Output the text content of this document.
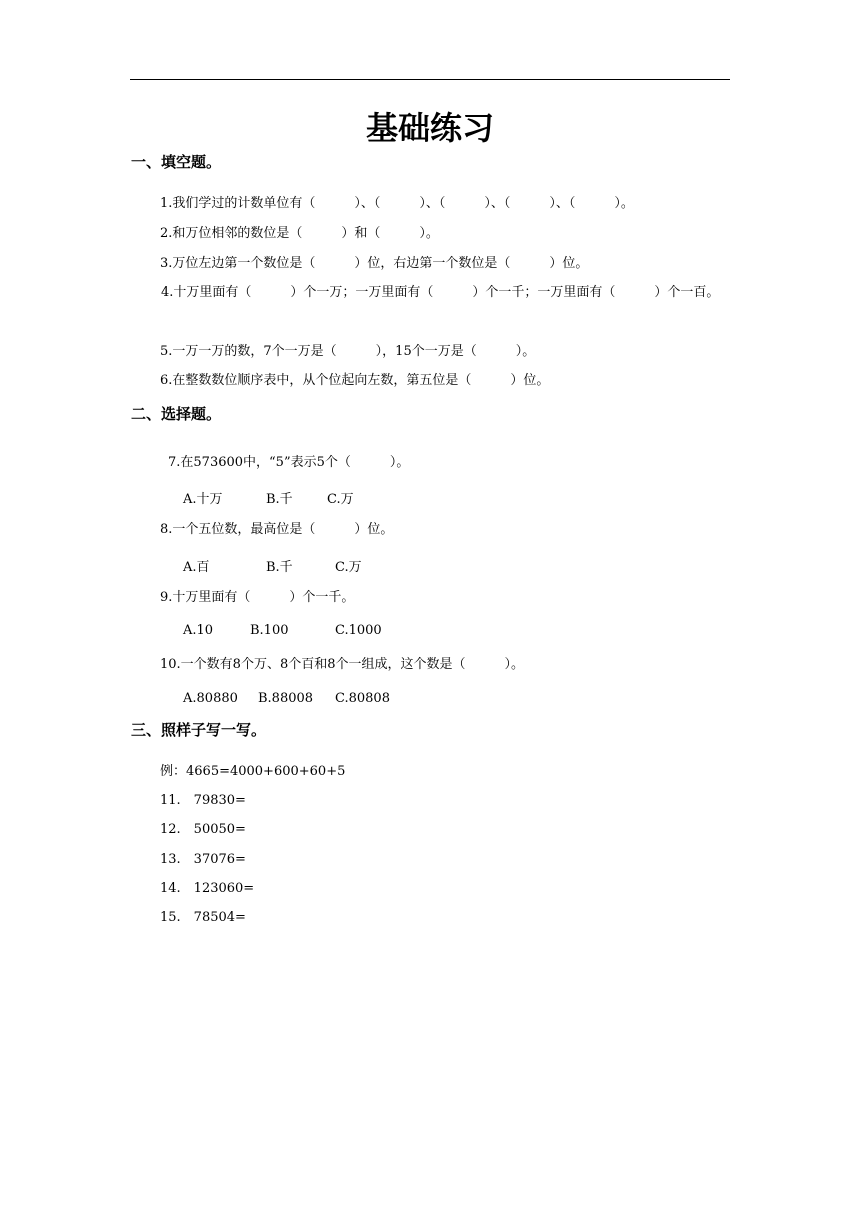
基础练习
一、填空题。
1.我们学过的计数单位有（　　　）、（　　　）、（　　　）、（　　　）、（　　　）。
2.和万位相邻的数位是（　　　）和（　　　）。
3.万位左边第一个数位是（　　　）位，右边第一个数位是（　　　）位。
4.十万里面有（　　　）个一万；一万里面有（　　　）个一千；一万里面有（　　　）个一百。
5.一万一万的数，7个一万是（　　　），15个一万是（　　　）。
6.在整数数位顺序表中，从个位起向左数，第五位是（　　　）位。
二、选择题。
7.在573600中，“5”表示5个（　　　）。
A.十万	B.千	C.万
8.一个五位数，最高位是（　　　）位。
A.百	B.千	C.万
9.十万里面有（　　　）个一千。
A.10	B.100	C.1000
10.一个数有8个万、8个百和8个一组成，这个数是（　　　）。
A.80880 B.88008 C.80808
三、照样子写一写。
例：4665=4000+600+60+5
11.　79830=
12.　50050=
13.　37076=
14.　123060=
15.　78504=
